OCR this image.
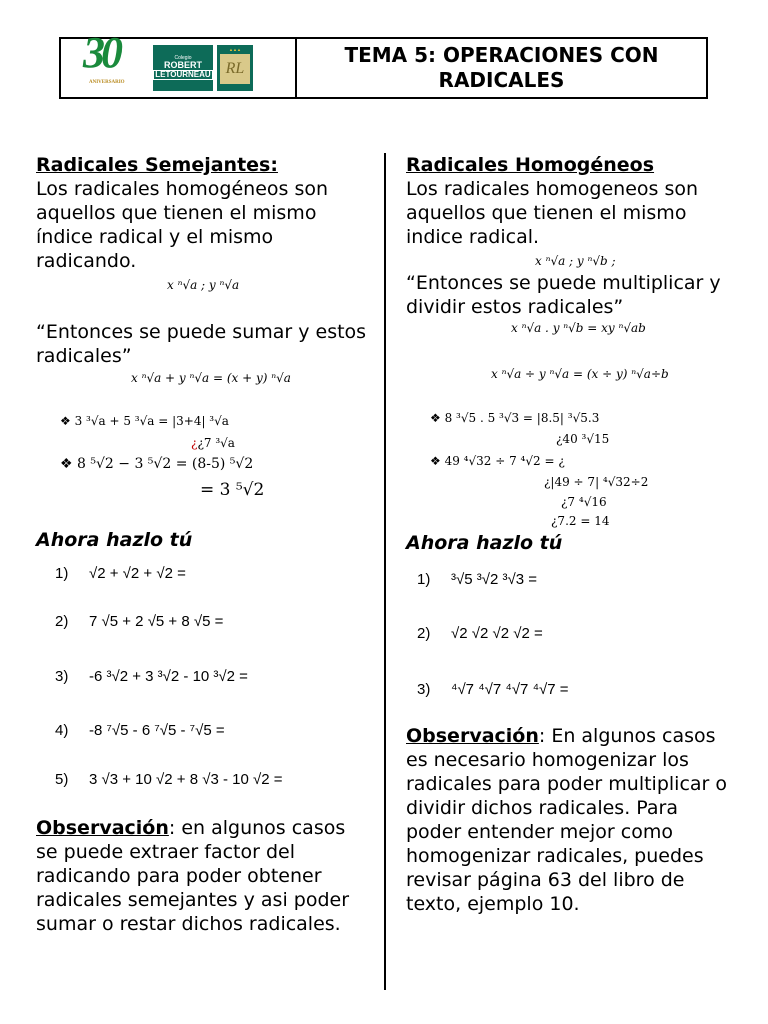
30
ANIVERSARIO
Colegio
ROBERT
LETOURNEAU
▲▲▲
RL
TEMA 5: OPERACIONES CON
RADICALES
Radicales Semejantes:
Los radicales homogéneos son aquellos que tienen el mismo índice radical y el mismo radicando.
x ⁿ√a ; y ⁿ√a
“Entonces se puede sumar y estos radicales”
x ⁿ√a + y ⁿ√a = (x + y) ⁿ√a
❖ 3 ³√a + 5 ³√a = |3+4| ³√a
¿¿7 ³√a
❖ 8 ⁵√2 − 3 ⁵√2 = (8-5) ⁵√2
= 3 ⁵√2
Ahora hazlo tú
1) √2 + √2 + √2 =
2) 7 √5 + 2 √5 + 8 √5 =
3) -6 ³√2 + 3 ³√2 - 10 ³√2 =
4) -8 ⁷√5 - 6 ⁷√5 - ⁷√5 =
5) 3 √3 + 10 √2 + 8 √3 - 10 √2 =
Observación: en algunos casos se puede extraer factor del radicando para poder obtener radicales semejantes y asi poder sumar o restar dichos radicales.
Radicales Homogéneos
Los radicales homogeneos son aquellos que tienen el mismo indice radical.
x ⁿ√a ; y ⁿ√b ;
“Entonces se puede multiplicar y dividir estos radicales”
x ⁿ√a . y ⁿ√b = xy ⁿ√ab
x ⁿ√a ÷ y ⁿ√a = (x ÷ y) ⁿ√a÷b
❖ 8 ³√5 . 5 ³√3 = |8.5| ³√5.3
¿40 ³√15
❖ 49 ⁴√32 ÷ 7 ⁴√2 = ¿
¿|49 ÷ 7| ⁴√32÷2
¿7 ⁴√16
¿7.2 = 14
Ahora hazlo tú
1) ³√5 ³√2 ³√3 =
2) √2 √2 √2 √2 =
3) ⁴√7 ⁴√7 ⁴√7 ⁴√7 =
Observación: En algunos casos es necesario homogenizar los radicales para poder multiplicar o dividir dichos radicales. Para poder entender mejor como homogenizar radicales, puedes revisar página 63 del libro de texto, ejemplo 10.
